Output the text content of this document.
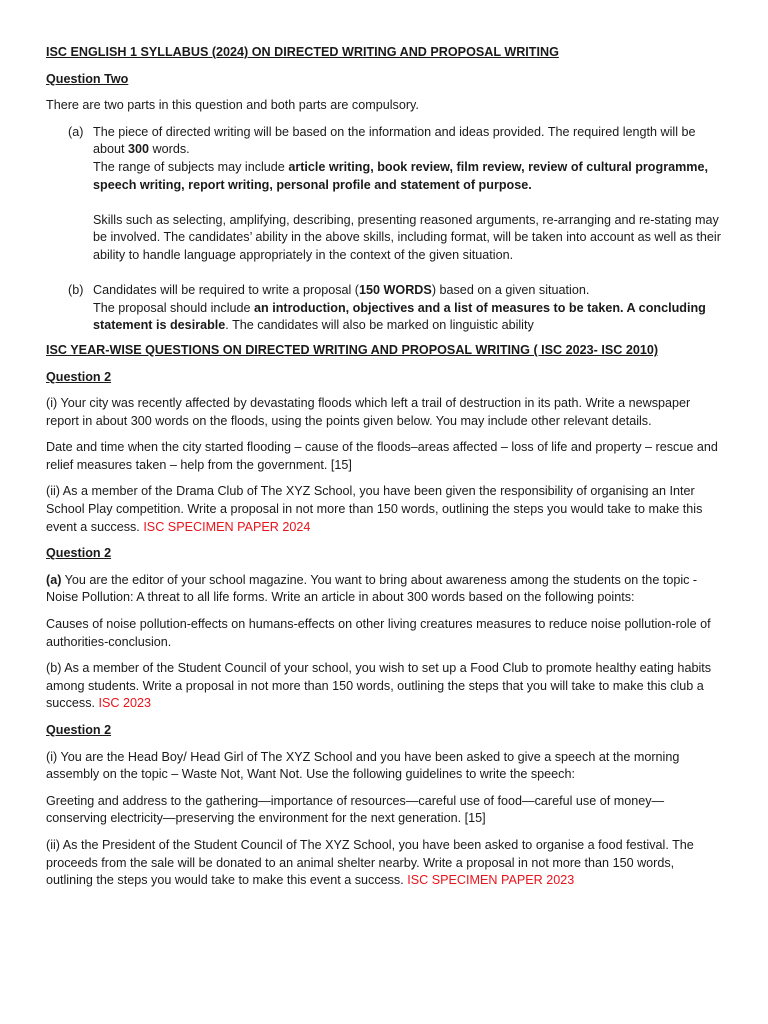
ISC ENGLISH 1 SYLLABUS (2024) ON DIRECTED WRITING AND PROPOSAL WRITING

Question Two

There are two parts in this question and both parts are compulsory.

(a) The piece of directed writing will be based on the information and ideas provided. The required length will be about 300 words.

The range of subjects may include article writing, book review, film review, review of cultural programme, speech writing, report writing, personal profile and statement of purpose.

Skills such as selecting, amplifying, describing, presenting reasoned arguments, re-arranging and re-stating may be involved. The candidates’ ability in the above skills, including format, will be taken into account as well as their ability to handle language appropriately in the context of the given situation.

(b) Candidates will be required to write a proposal (150 WORDS) based on a given situation.

The proposal should include an introduction, objectives and a list of measures to be taken. A concluding statement is desirable. The candidates will also be marked on linguistic ability

ISC YEAR-WISE QUESTIONS ON DIRECTED WRITING AND PROPOSAL WRITING ( ISC 2023- ISC 2010)

Question 2

(i) Your city was recently affected by devastating floods which left a trail of destruction in its path. Write a newspaper report in about 300 words on the floods, using the points given below. You may include other relevant details.

Date and time when the city started flooding – cause of the floods–areas affected – loss of life and property – rescue and relief measures taken – help from the government. [15]

(ii) As a member of the Drama Club of The XYZ School, you have been given the responsibility of organising an Inter School Play competition. Write a proposal in not more than 150 words, outlining the steps you would take to make this event a success. ISC SPECIMEN PAPER 2024

Question 2

(a) You are the editor of your school magazine. You want to bring about awareness among the students on the topic - Noise Pollution: A threat to all life forms. Write an article in about 300 words based on the following points:

Causes of noise pollution-effects on humans-effects on other living creatures measures to reduce noise pollution-role of authorities-conclusion.

(b) As a member of the Student Council of your school, you wish to set up a Food Club to promote healthy eating habits among students. Write a proposal in not more than 150 words, outlining the steps that you will take to make this club a success. ISC 2023

Question 2

(i) You are the Head Boy/ Head Girl of The XYZ School and you have been asked to give a speech at the morning assembly on the topic – Waste Not, Want Not. Use the following guidelines to write the speech:

Greeting and address to the gathering—importance of resources—careful use of food—careful use of money—conserving electricity—preserving the environment for the next generation. [15]

(ii) As the President of the Student Council of The XYZ School, you have been asked to organise a food festival. The proceeds from the sale will be donated to an animal shelter nearby. Write a proposal in not more than 150 words, outlining the steps you would take to make this event a success. ISC SPECIMEN PAPER 2023
